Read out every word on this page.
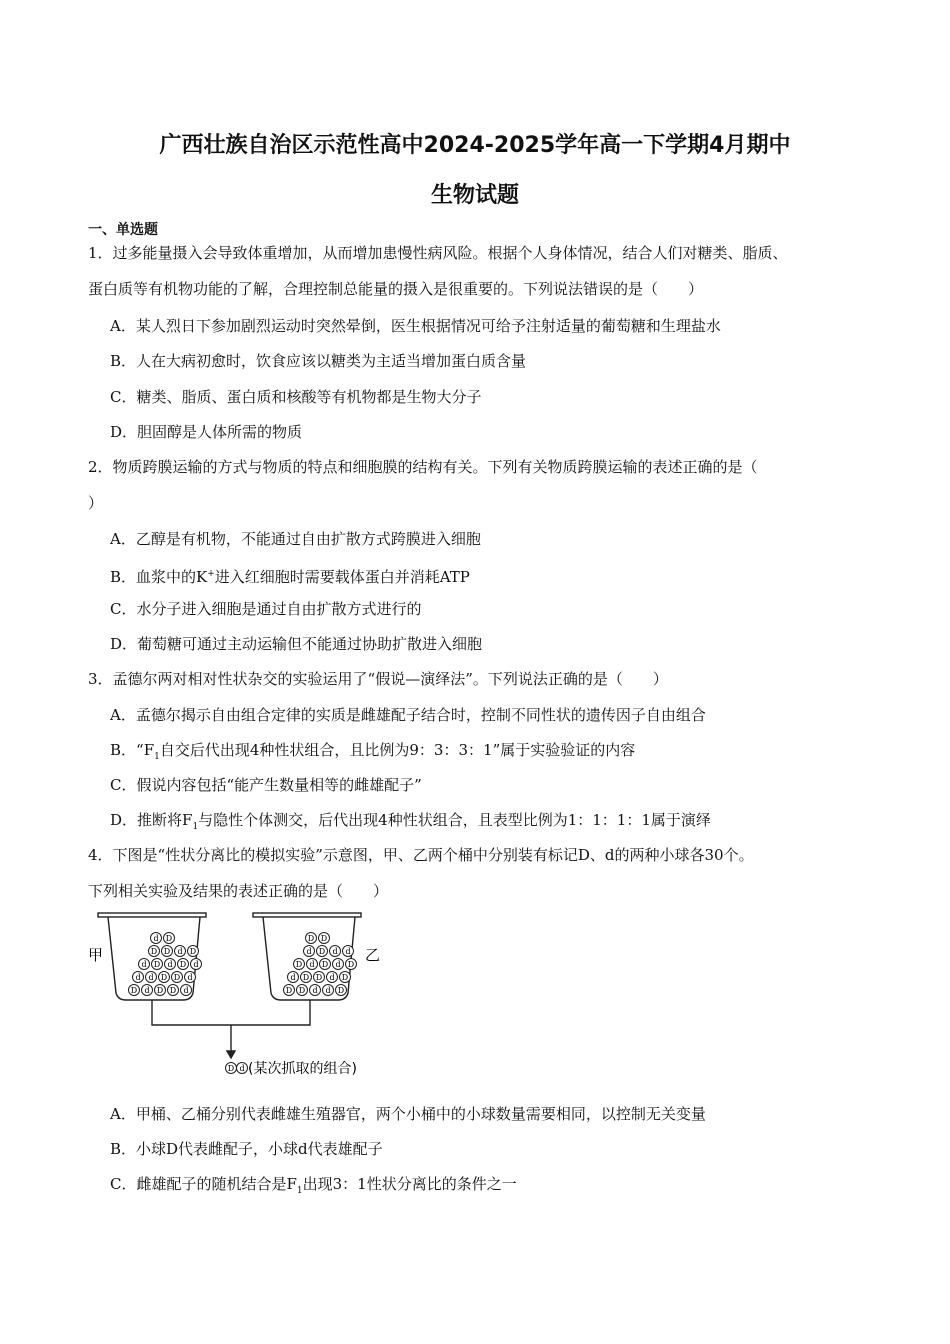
广西壮族自治区示范性高中2024-2025学年高一下学期4月期中
生物试题
一、单选题
1．过多能量摄入会导致体重增加，从而增加患慢性病风险。根据个人身体情况，结合人们对糖类、脂质、
蛋白质等有机物功能的了解，合理控制总能量的摄入是很重要的。下列说法错误的是（　　）
A．某人烈日下参加剧烈运动时突然晕倒，医生根据情况可给予注射适量的葡萄糖和生理盐水
B．人在大病初愈时，饮食应该以糖类为主适当增加蛋白质含量
C．糖类、脂质、蛋白质和核酸等有机物都是生物大分子
D．胆固醇是人体所需的物质
2．物质跨膜运输的方式与物质的特点和细胞膜的结构有关。下列有关物质跨膜运输的表述正确的是（
）
A．乙醇是有机物，不能通过自由扩散方式跨膜进入细胞
B．血浆中的K+进入红细胞时需要载体蛋白并消耗ATP
C．水分子进入细胞是通过自由扩散方式进行的
D．葡萄糖可通过主动运输但不能通过协助扩散进入细胞
3．孟德尔两对相对性状杂交的实验运用了“假说—演绎法”。下列说法正确的是（　　）
A．孟德尔揭示自由组合定律的实质是雌雄配子结合时，控制不同性状的遗传因子自由组合
B．“$F_1$自交后代出现4种性状组合，且比例为9：3：3：1”属于实验验证的内容
C．假说内容包括“能产生数量相等的雌雄配子”
D．推断将$F_1$与隐性个体测交，后代出现4种性状组合，且表型比例为1：1：1：1属于演绎
4．下图是“性状分离比的模拟实验”示意图，甲、乙两个桶中分别装有标记D、d的两种小球各30个。
下列相关实验及结果的表述正确的是（　　）
d D
D D d D
d D d D d
d d D D d
D d D D d
D D
d D d d
D d D d D
d D D d D
D D d d D
D d
甲	乙
(某次抓取的组合)
A．甲桶、乙桶分别代表雌雄生殖器官，两个小桶中的小球数量需要相同，以控制无关变量
B．小球D代表雌配子，小球d代表雄配子
C．雌雄配子的随机结合是$F_1$出现3：1性状分离比的条件之一
